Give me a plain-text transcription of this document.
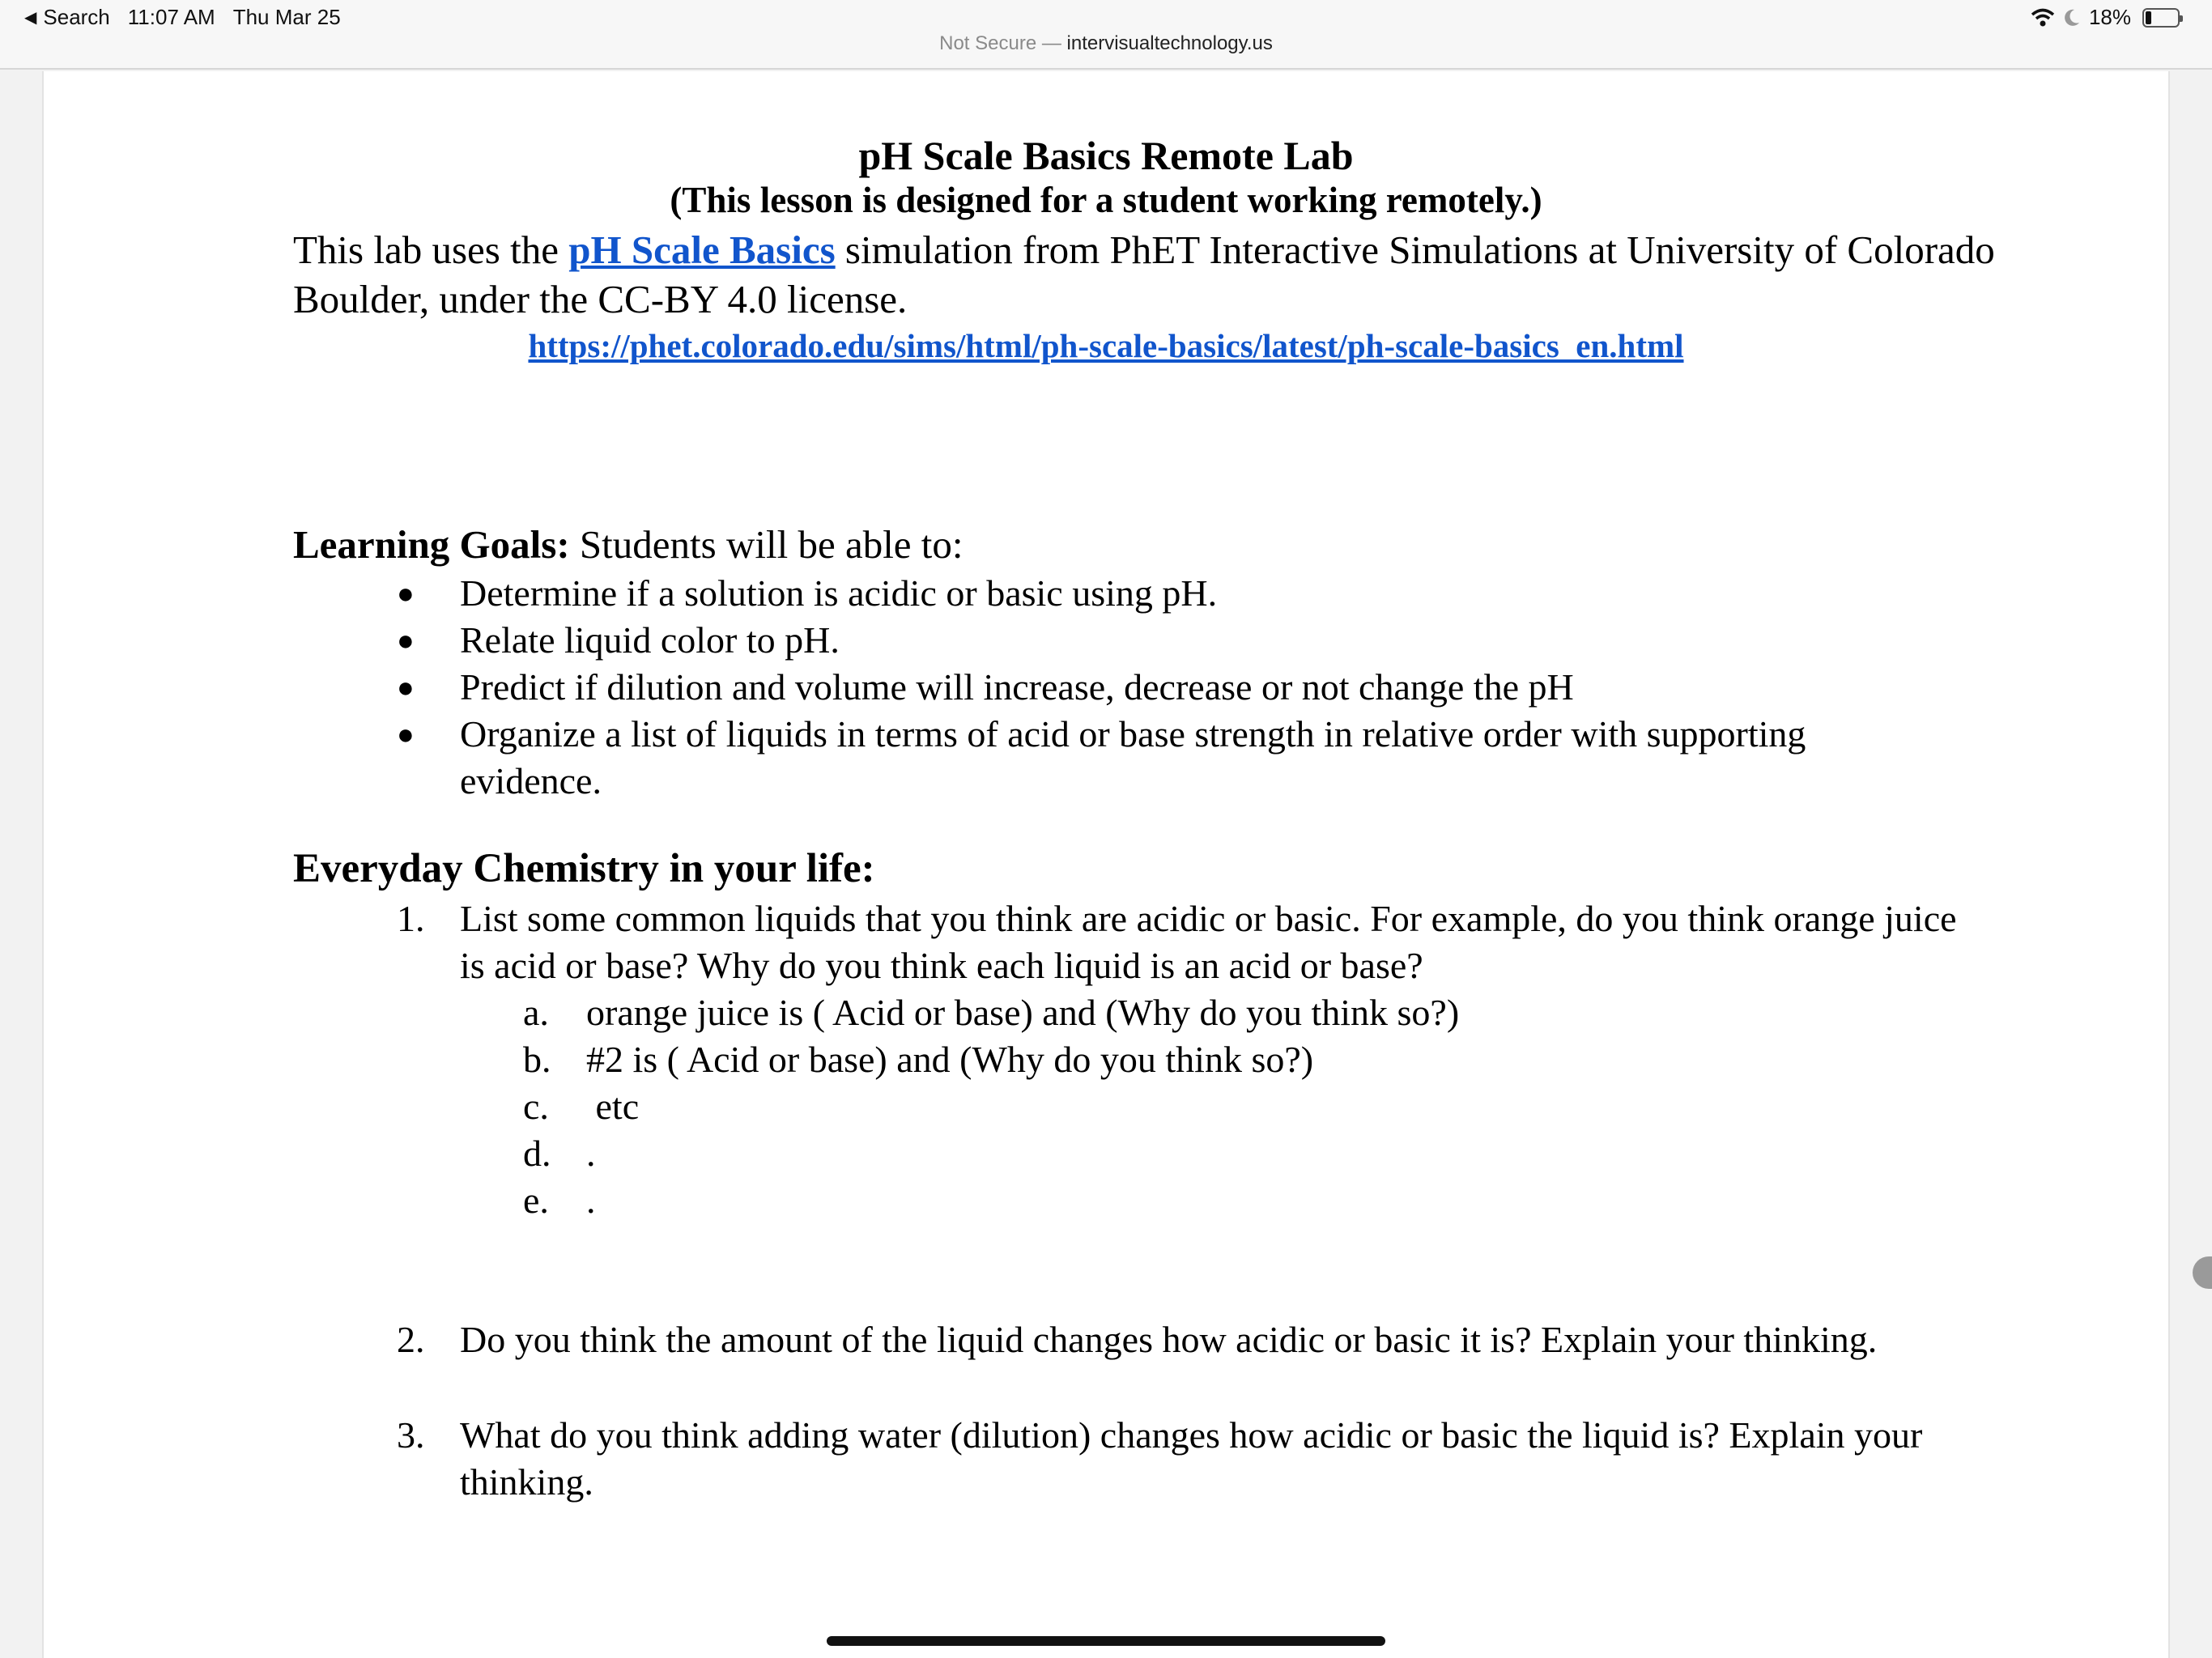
◀ Search 11:07 AM Thu Mar 25	18%
Not Secure — intervisualtechnology.us
pH Scale Basics Remote Lab
(This lesson is designed for a student working remotely.)
This lab uses the pH Scale Basics simulation from PhET Interactive Simulations at University of Colorado Boulder, under the CC-BY 4.0 license.
https://phet.colorado.edu/sims/html/ph-scale-basics/latest/ph-scale-basics_en.html
Learning Goals: Students will be able to:
● Determine if a solution is acidic or basic using pH.
● Relate liquid color to pH.
● Predict if dilution and volume will increase, decrease or not change the pH
● Organize a list of liquids in terms of acid or base strength in relative order with supporting evidence.
Everyday Chemistry in your life:
1. List some common liquids that you think are acidic or basic. For example, do you think orange juice is acid or base? Why do you think each liquid is an acid or base?
a. orange juice is ( Acid or base) and (Why do you think so?)
b. #2 is ( Acid or base) and (Why do you think so?)
c. etc
d. .
e. .
2. Do you think the amount of the liquid changes how acidic or basic it is? Explain your thinking.
3. What do you think adding water (dilution) changes how acidic or basic the liquid is? Explain your thinking.
